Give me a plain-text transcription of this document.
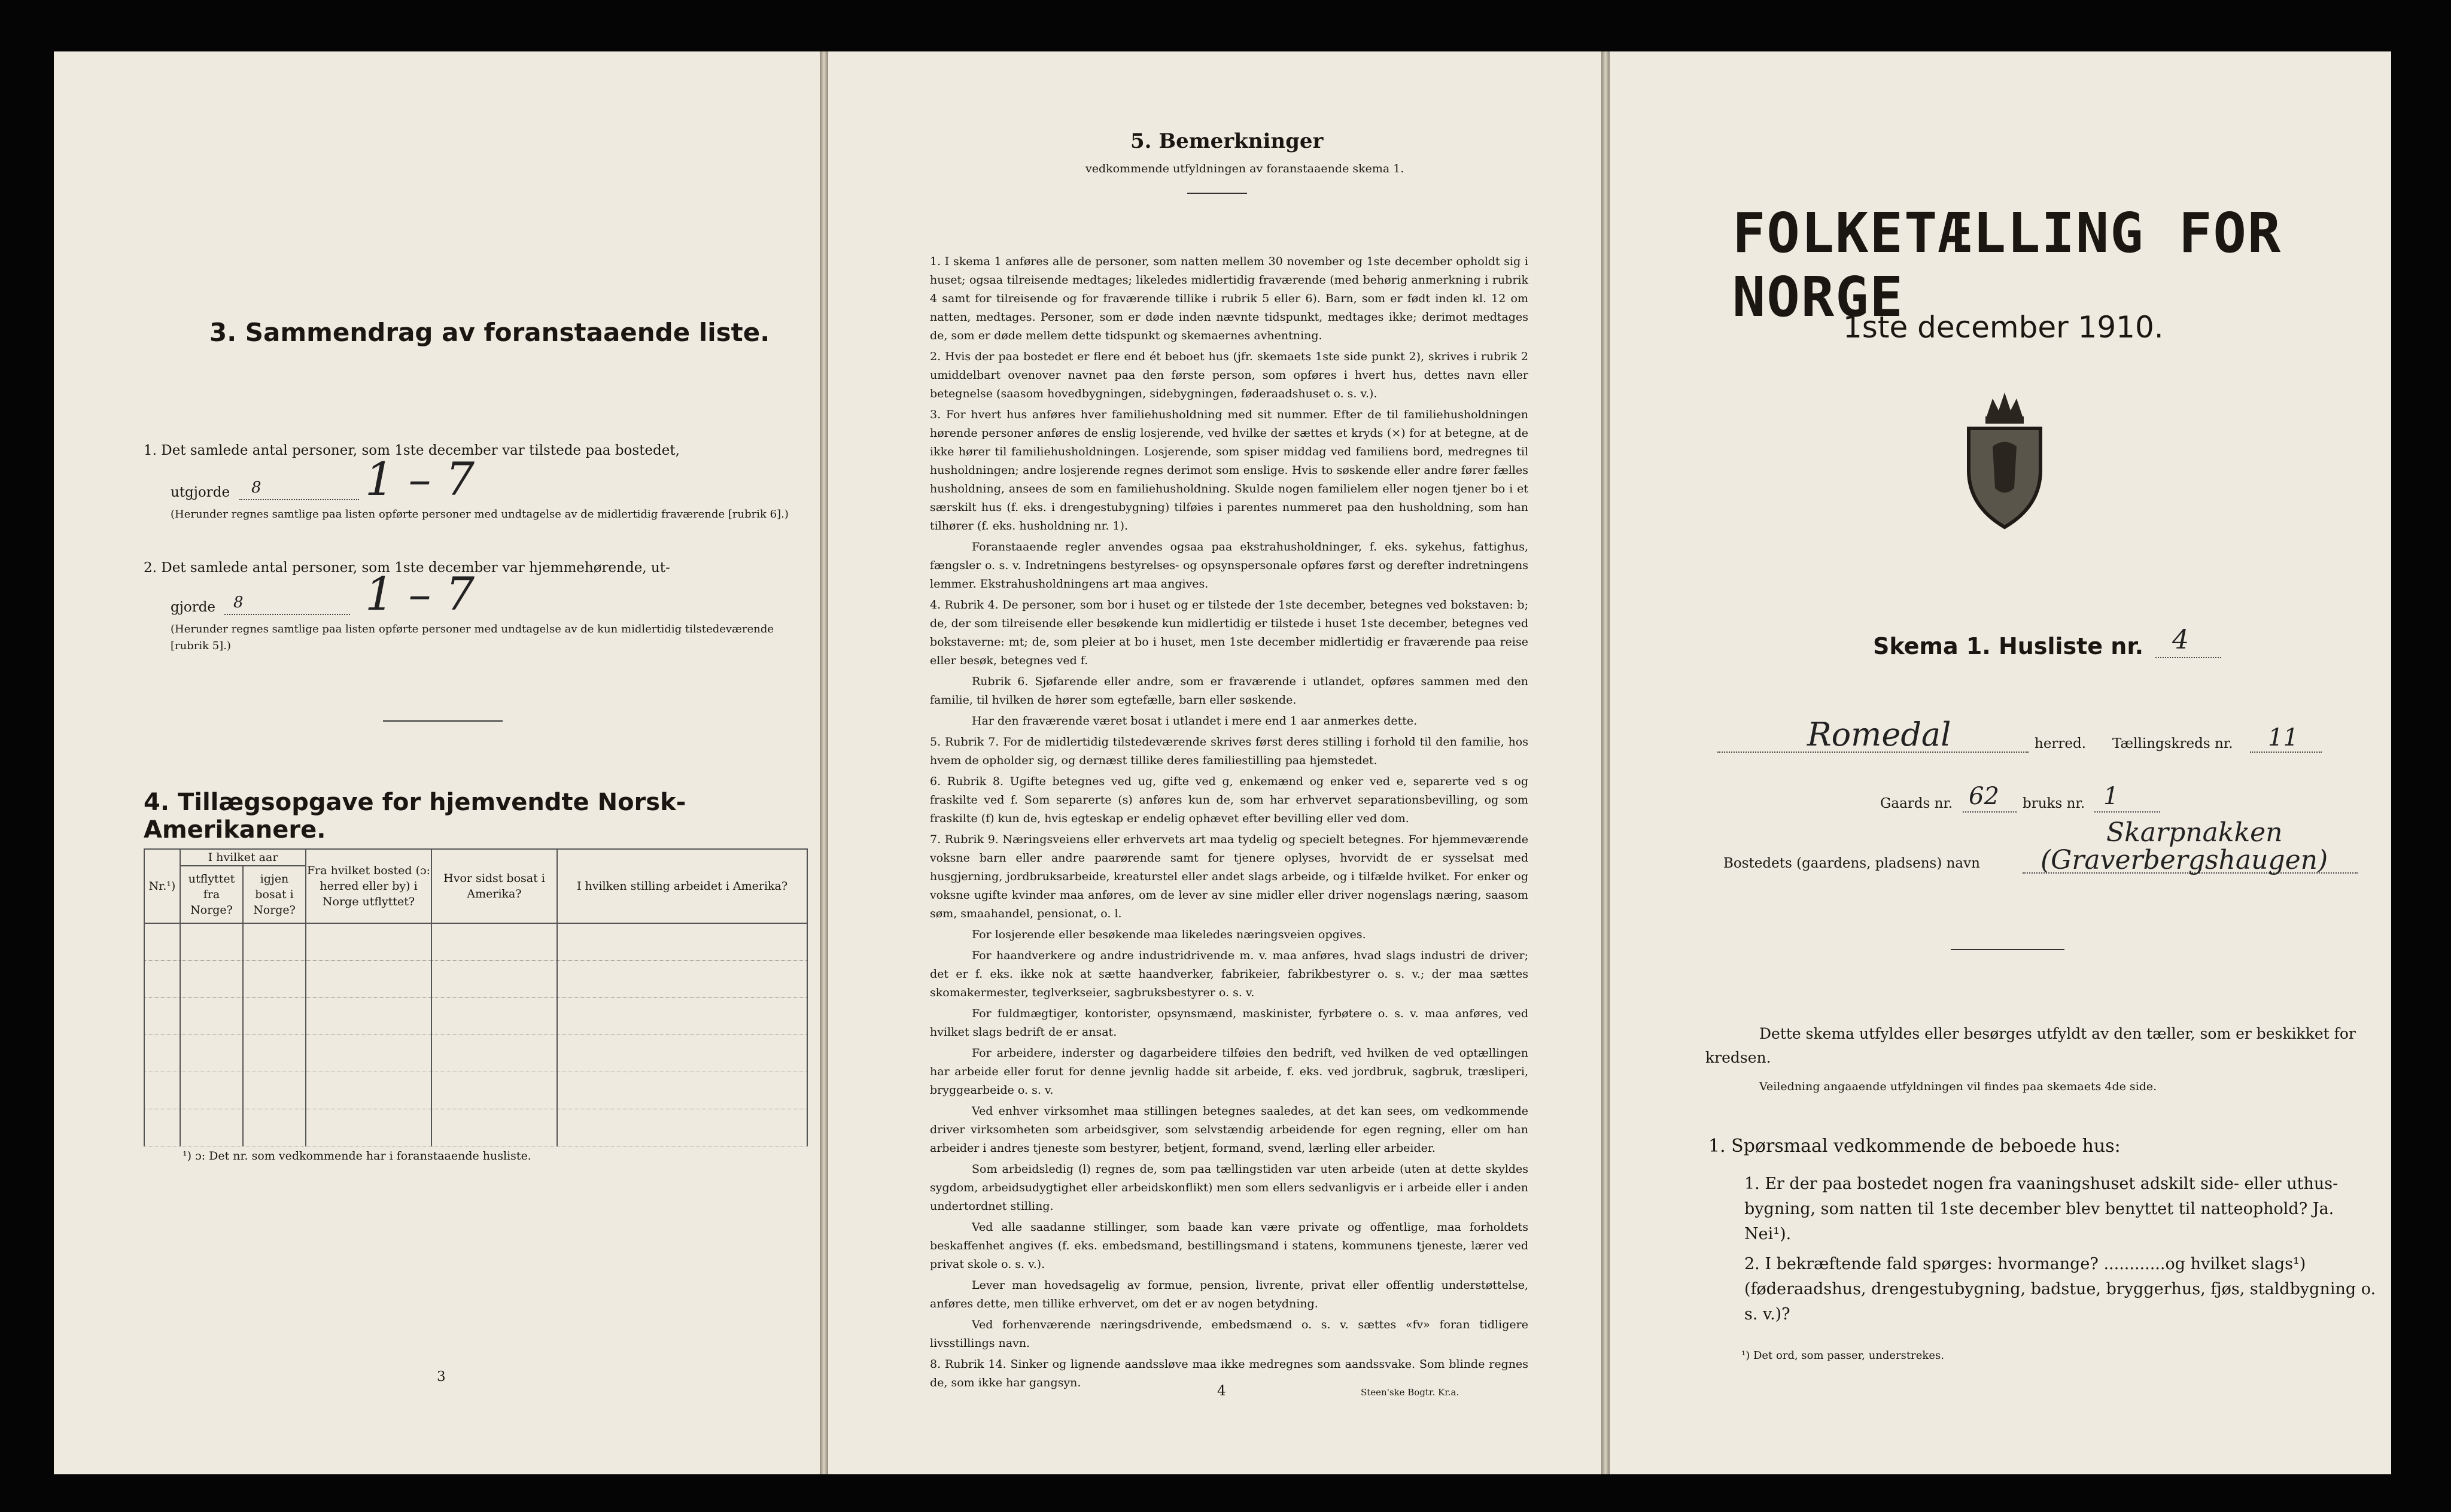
3. Sammendrag av foranstaaende liste.
1. Det samlede antal personer, som 1ste december var tilstede paa bostedet,
utgjorde 8 1 – 7
(Herunder regnes samtlige paa listen opførte personer med undtagelse av de midlertidig fraværende [rubrik 6].)
2. Det samlede antal personer, som 1ste december var hjemmehørende, ut-
gjorde 8	1 – 7
(Herunder regnes samtlige paa listen opførte personer med undtagelse av de kun midlertidig tilstedeværende [rubrik 5].)
4. Tillægsopgave for hjemvendte Norsk-Amerikanere.
Nr.¹)	I hvilket aar		Fra hvilket bosted (ɔ: herred eller by) i Norge utflyttet?	Hvor sidst bosat i Amerika?	I hvilken stilling arbeidet i Amerika?
	utflyttet fra Norge?	igjen bosat i Norge?			

¹) ɔ: Det nr. som vedkommende har i foranstaaende husliste.
3
5. Bemerkninger
vedkommende utfyldningen av foranstaaende skema 1.

1. I skema 1 anføres alle de personer, som natten mellem 30 november og 1ste december opholdt sig i huset; ogsaa tilreisende medtages; likeledes midlertidig fraværende (med behørig anmerkning i rubrik 4 samt for tilreisende og for fraværende tillike i rubrik 5 eller 6). Barn, som er født inden kl. 12 om natten, medtages. Personer, som er døde inden nævnte tidspunkt, medtages ikke; derimot medtages de, som er døde mellem dette tidspunkt og skemaernes avhentning.

2. Hvis der paa bostedet er flere end ét beboet hus (jfr. skemaets 1ste side punkt 2), skrives i rubrik 2 umiddelbart ovenover navnet paa den første person, som opføres i hvert hus, dettes navn eller betegnelse (saasom hovedbygningen, sidebygningen, føderaadshuset o. s. v.).

3. For hvert hus anføres hver familiehusholdning med sit nummer. Efter de til familiehusholdningen hørende personer anføres de enslig losjerende, ved hvilke der sættes et kryds (×) for at betegne, at de ikke hører til familiehusholdningen. Losjerende, som spiser middag ved familiens bord, medregnes til husholdningen; andre losjerende regnes derimot som enslige. Hvis to søskende eller andre fører fælles husholdning, ansees de som en familiehusholdning. Skulde nogen familielem eller nogen tjener bo i et særskilt hus (f. eks. i drengestubygning) tilføies i parentes nummeret paa den husholdning, som han tilhører (f. eks. husholdning nr. 1).

Foranstaaende regler anvendes ogsaa paa ekstrahusholdninger, f. eks. sykehus, fattighus, fængsler o. s. v. Indretningens bestyrelses- og opsynspersonale opføres først og derefter indretningens lemmer. Ekstrahusholdningens art maa angives.

4. Rubrik 4. De personer, som bor i huset og er tilstede der 1ste december, betegnes ved bokstaven: b; de, der som tilreisende eller besøkende kun midlertidig er tilstede i huset 1ste december, betegnes ved bokstaverne: mt; de, som pleier at bo i huset, men 1ste december midlertidig er fraværende paa reise eller besøk, betegnes ved f.

Rubrik 6. Sjøfarende eller andre, som er fraværende i utlandet, opføres sammen med den familie, til hvilken de hører som egtefælle, barn eller søskende.

Har den fraværende været bosat i utlandet i mere end 1 aar anmerkes dette.

5. Rubrik 7. For de midlertidig tilstedeværende skrives først deres stilling i forhold til den familie, hos hvem de opholder sig, og dernæst tillike deres familiestilling paa hjemstedet.

6. Rubrik 8. Ugifte betegnes ved ug, gifte ved g, enkemænd og enker ved e, separerte ved s og fraskilte ved f. Som separerte (s) anføres kun de, som har erhvervet separationsbevilling, og som fraskilte (f) kun de, hvis egteskap er endelig ophævet efter bevilling eller ved dom.

7. Rubrik 9. Næringsveiens eller erhvervets art maa tydelig og specielt betegnes. For hjemmeværende voksne barn eller andre paarørende samt for tjenere oplyses, hvorvidt de er sysselsat med husgjerning, jordbruksarbeide, kreaturstel eller andet slags arbeide, og i tilfælde hvilket. For enker og voksne ugifte kvinder maa anføres, om de lever av sine midler eller driver nogenslags næring, saasom søm, smaahandel, pensionat, o. l.

For losjerende eller besøkende maa likeledes næringsveien opgives.

For haandverkere og andre industridrivende m. v. maa anføres, hvad slags industri de driver; det er f. eks. ikke nok at sætte haandverker, fabrikeier, fabrikbestyrer o. s. v.; der maa sættes skomakermester, teglverkseier, sagbruksbestyrer o. s. v.

For fuldmægtiger, kontorister, opsynsmænd, maskinister, fyrbøtere o. s. v. maa anføres, ved hvilket slags bedrift de er ansat.

For arbeidere, inderster og dagarbeidere tilføies den bedrift, ved hvilken de ved optællingen har arbeide eller forut for denne jevnlig hadde sit arbeide, f. eks. ved jordbruk, sagbruk, træsliperi, bryggearbeide o. s. v.

Ved enhver virksomhet maa stillingen betegnes saaledes, at det kan sees, om vedkommende driver virksomheten som arbeidsgiver, som selvstændig arbeidende for egen regning, eller om han arbeider i andres tjeneste som bestyrer, betjent, formand, svend, lærling eller arbeider.

Som arbeidsledig (l) regnes de, som paa tællingstiden var uten arbeide (uten at dette skyldes sygdom, arbeidsudygtighet eller arbeidskonflikt) men som ellers sedvanligvis er i arbeide eller i anden undertordnet stilling.

Ved alle saadanne stillinger, som baade kan være private og offentlige, maa forholdets beskaffenhet angives (f. eks. embedsmand, bestillingsmand i statens, kommunens tjeneste, lærer ved privat skole o. s. v.).

Lever man hovedsagelig av formue, pension, livrente, privat eller offentlig understøttelse, anføres dette, men tillike erhvervet, om det er av nogen betydning.

Ved forhenværende næringsdrivende, embedsmænd o. s. v. sættes «fv» foran tidligere livsstillings navn.

8. Rubrik 14. Sinker og lignende aandssløve maa ikke medregnes som aandssvake. Som blinde regnes de, som ikke har gangsyn.

4	Steen'ske Bogtr. Kr.a.
FOLKETÆLLING FOR NORGE
1ste december 1910.
Skema 1. Husliste nr. 4
Romedal	herred. Tællingskreds nr. 11
Gaards nr. 62 bruks nr. 1
Skarpnakken
Bostedets (gaardens, pladsens) navn (Graverbergshaugen)
Dette skema utfyldes eller besørges utfyldt av den tæller, som er beskikket for kredsen.
Veiledning angaaende utfyldningen vil findes paa skemaets 4de side.
1. Spørsmaal vedkommende de beboede hus:
1. Er der paa bostedet nogen fra vaaningshuset adskilt side- eller uthus-bygning, som natten til 1ste december blev benyttet til natteophold? Ja. Nei¹).
2. I bekræftende fald spørges: hvormange? ............og hvilket slags¹) (føderaadshus, drengestubygning, badstue, bryggerhus, fjøs, staldbygning o. s. v.)?
¹) Det ord, som passer, understrekes.
